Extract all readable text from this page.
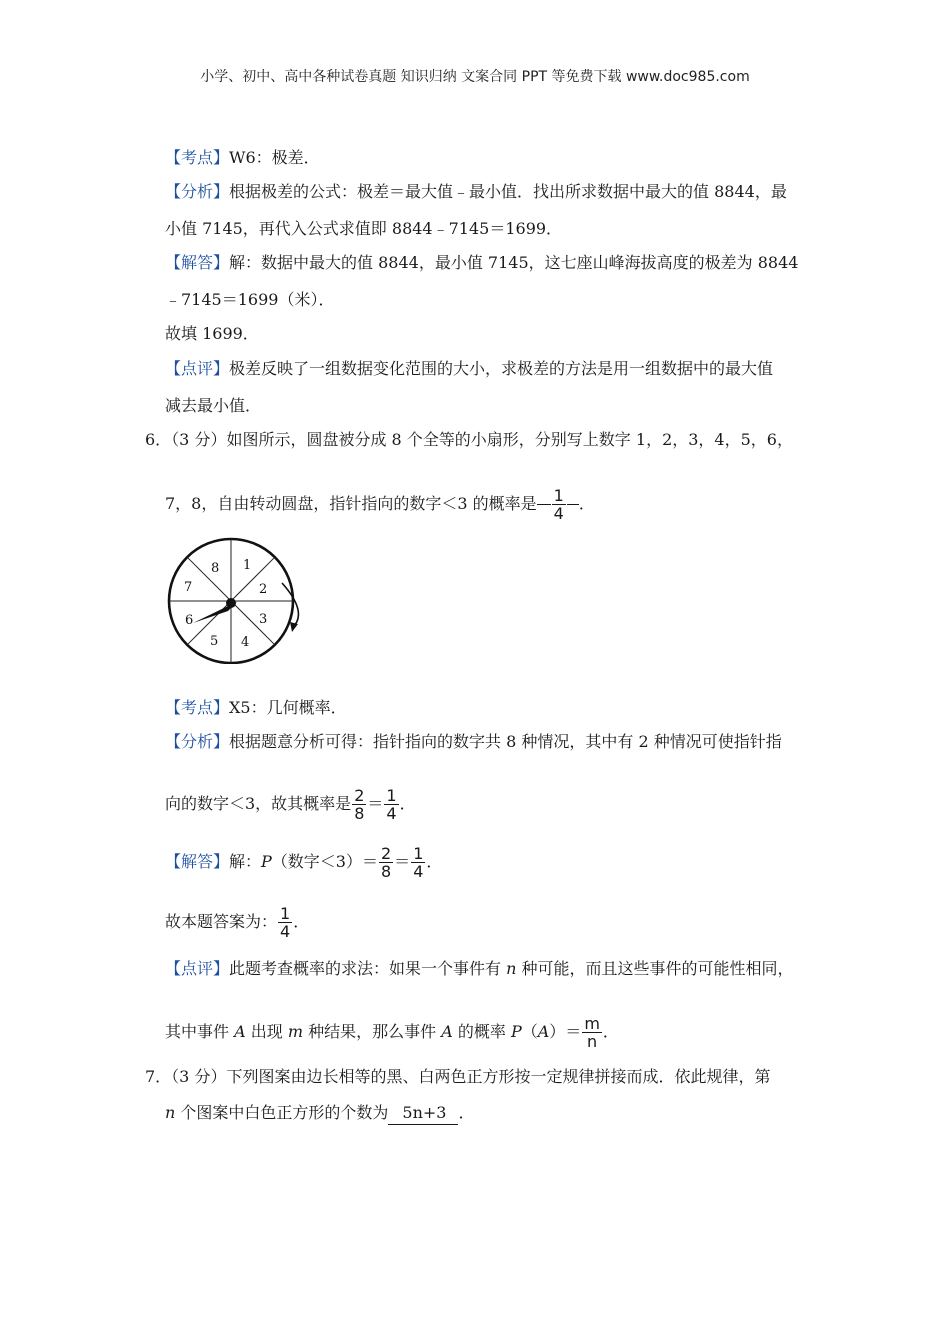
小学、初中、高中各种试卷真题 知识归纳 文案合同 PPT 等免费下载 www.doc985.com
【考点】W6：极差．
【分析】根据极差的公式：极差＝最大值﹣最小值．找出所求数据中最大的值 8844，最
小值 7145，再代入公式求值即 8844﹣7145＝1699．
【解答】解：数据中最大的值 8844，最小值 7145，这七座山峰海拔高度的极差为 8844
﹣7145＝1699（米）．
故填 1699．
【点评】极差反映了一组数据变化范围的大小，求极差的方法是用一组数据中的最大值
减去最小值．
6．（3 分）如图所示，圆盘被分成 8 个全等的小扇形，分别写上数字 1，2，3，4，5，6，
7，8，自由转动圆盘，指针指向的数字＜3 的概率是 $\frac{1}{4}$ ．
1
2
3
4
5
6
7
8
【考点】X5：几何概率．
【分析】根据题意分析可得：指针指向的数字共 8 种情况，其中有 2 种情况可使指针指
向的数字＜3，故其概率是 $\frac{2}{8} = \frac{1}{4}$ ．
【解答】解：P（数字$<3)= \frac{2}{8} = \frac{1}{4}$ ．
故本题答案为： $\frac{1}{4}$ ．
【点评】此题考查概率的求法：如果一个事件有 n 种可能，而且这些事件的可能性相同，
其中事件 A 出现 m 种结果，那么事件 A 的概率 $P(A)= \frac{m}{n}$ ．
7．（3 分）下列图案由边长相等的黑、白两色正方形按一定规律拼接而成．依此规律，第
n 个图案中白色正方形的个数为 5n+3 ．
